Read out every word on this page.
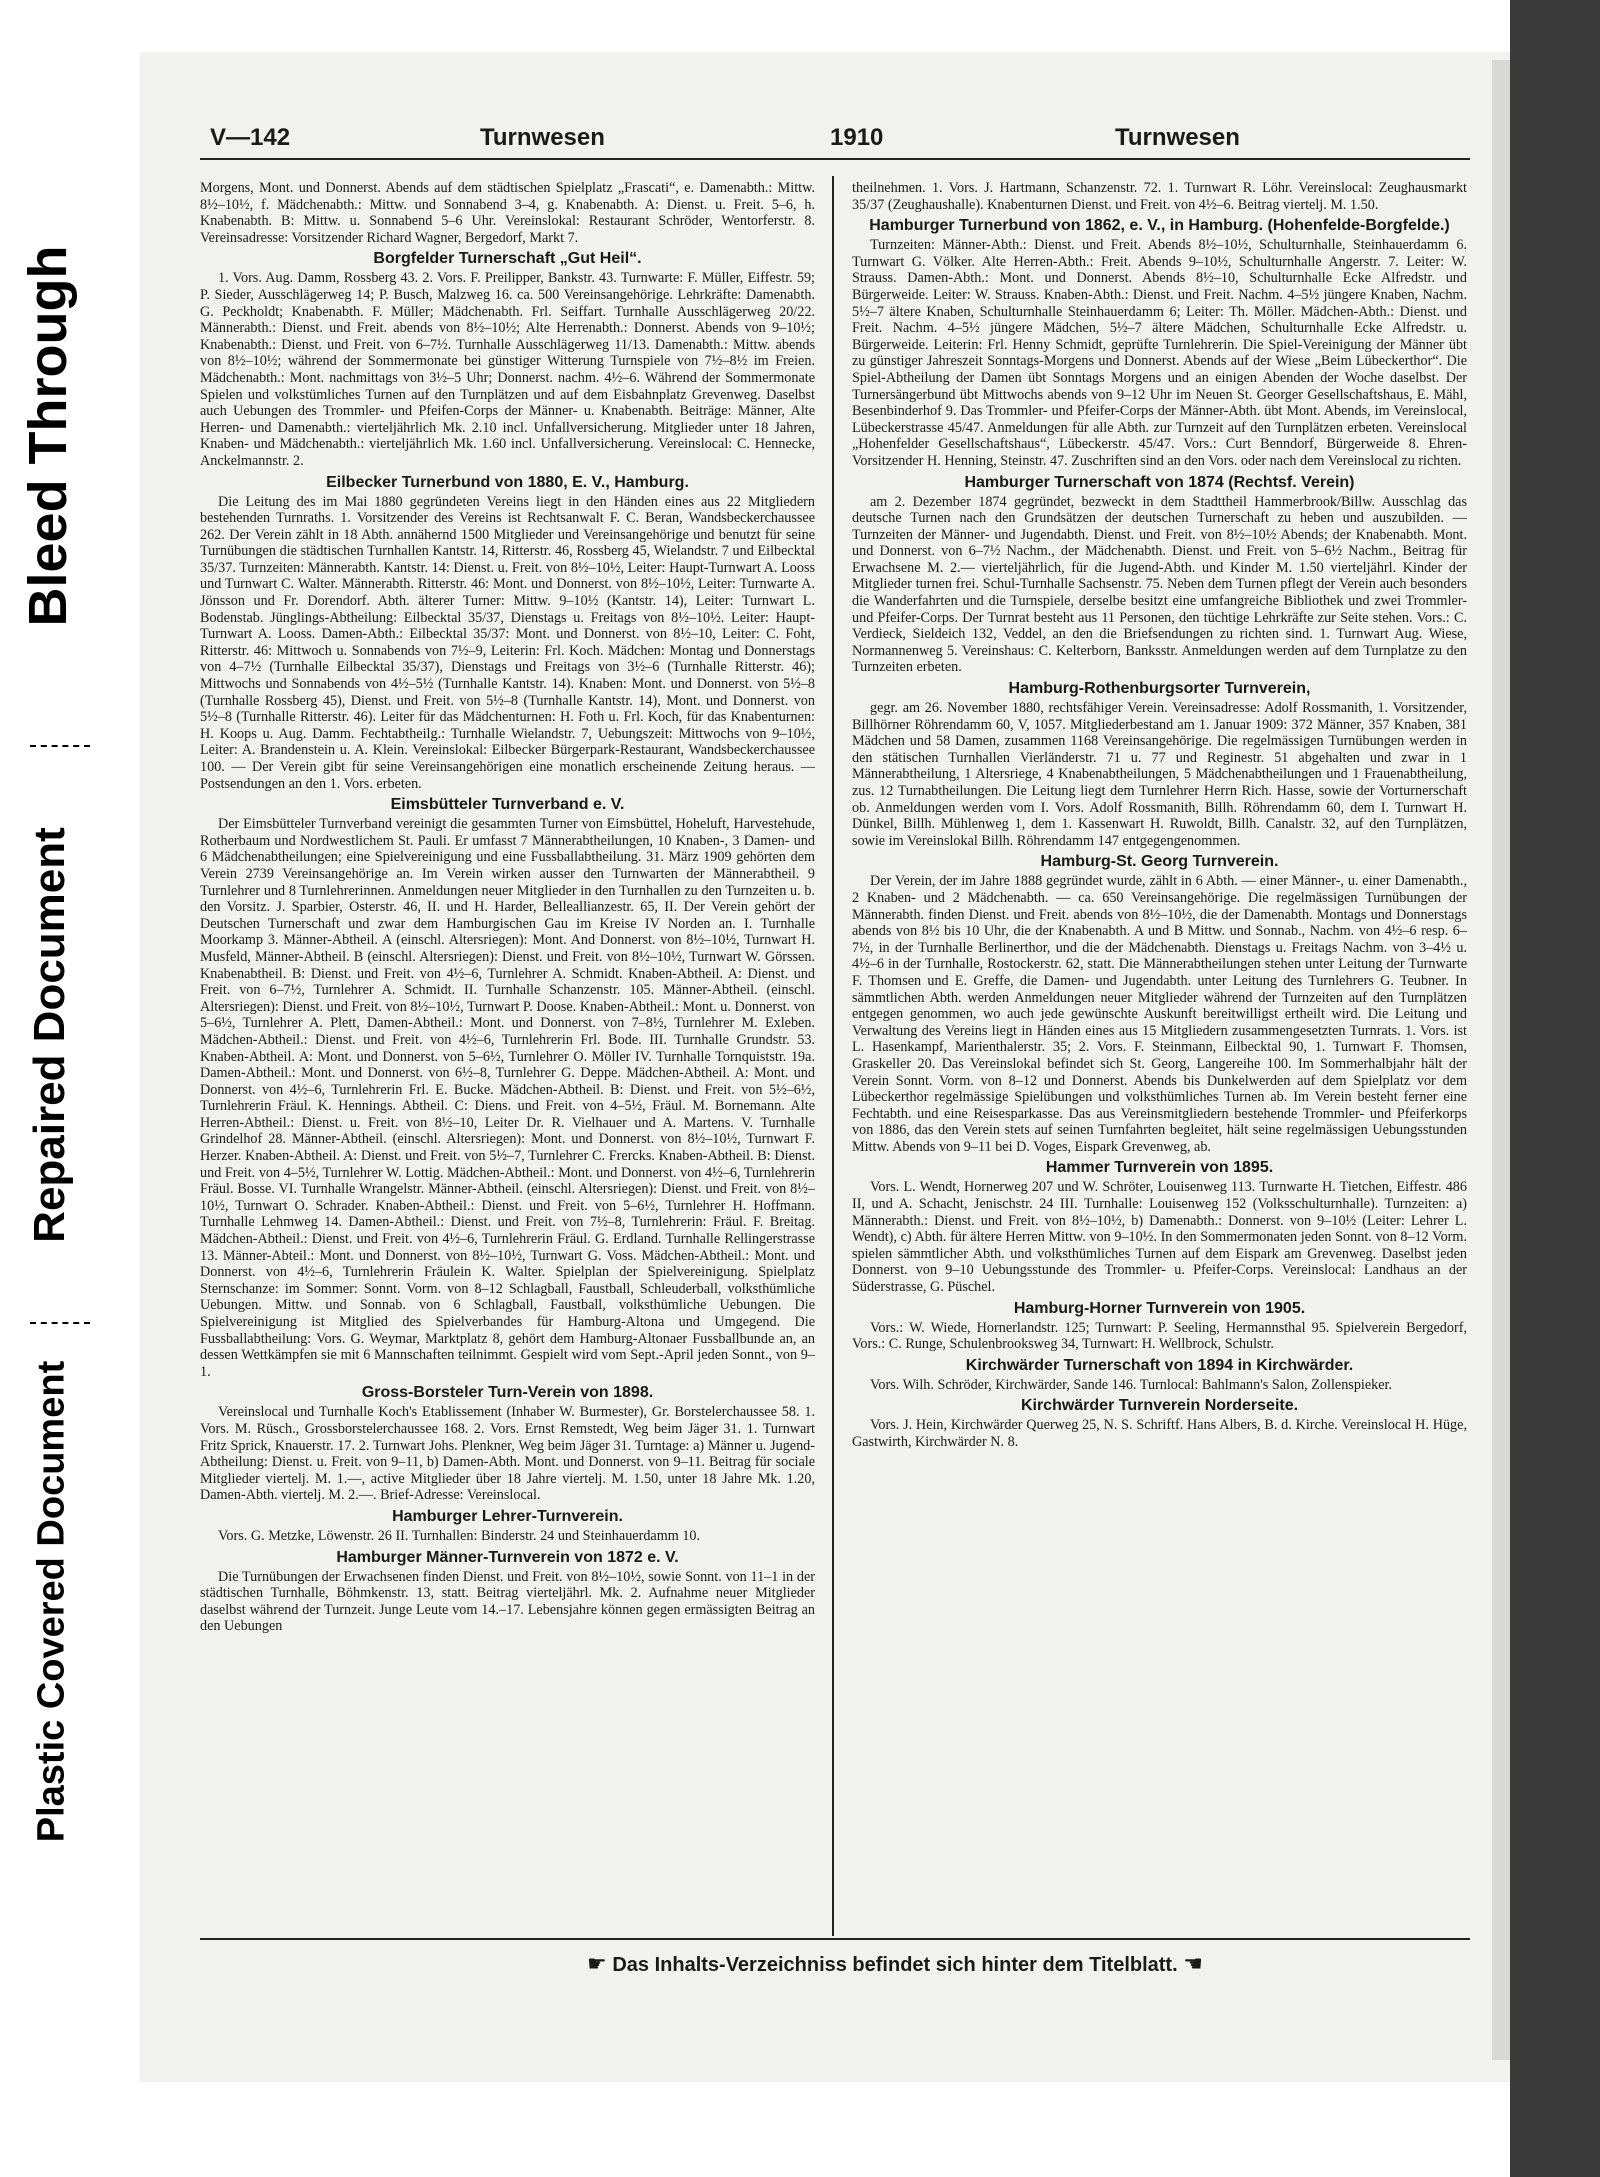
Bleed Through
Repaired Document
Plastic Covered Document
V—142	Turnwesen	1910	Turnwesen

Morgens, Mont. und Donnerst. Abends auf dem städtischen Spielplatz „Frascati“, e. Damenabth.: Mittw. 8½–10½, f. Mädchenabth.: Mittw. und Sonnabend 3–4, g. Knabenabth. A: Dienst. u. Freit. 5–6, h. Knabenabth. B: Mittw. u. Sonnabend 5–6 Uhr. Vereinslokal: Restaurant Schröder, Wentorferstr. 8. Vereinsadresse: Vorsitzender Richard Wagner, Bergedorf, Markt 7.

Borgfelder Turnerschaft „Gut Heil“.

1. Vors. Aug. Damm, Rossberg 43. 2. Vors. F. Preilipper, Bankstr. 43. Turnwarte: F. Müller, Eiffestr. 59; P. Sieder, Ausschlägerweg 14; P. Busch, Malzweg 16. ca. 500 Vereinsangehörige. Lehrkräfte: Damenabth. G. Peckholdt; Knabenabth. F. Müller; Mädchenabth. Frl. Seiffart. Turnhalle Ausschlägerweg 20/22. Männerabth.: Dienst. und Freit. abends von 8½–10½; Alte Herrenabth.: Donnerst. Abends von 9–10½; Knabenabth.: Dienst. und Freit. von 6–7½. Turnhalle Ausschlägerweg 11/13. Damenabth.: Mittw. abends von 8½–10½; während der Sommermonate bei günstiger Witterung Turnspiele von 7½–8½ im Freien. Mädchenabth.: Mont. nachmittags von 3½–5 Uhr; Donnerst. nachm. 4½–6. Während der Sommermonate Spielen und volkstümliches Turnen auf den Turnplätzen und auf dem Eisbahnplatz Grevenweg. Daselbst auch Uebungen des Trommler- und Pfeifen-Corps der Männer- u. Knabenabth. Beiträge: Männer, Alte Herren- und Damenabth.: vierteljährlich Mk. 2.10 incl. Unfallversicherung. Mitglieder unter 18 Jahren, Knaben- und Mädchenabth.: vierteljährlich Mk. 1.60 incl. Unfallversicherung. Vereinslocal: C. Hennecke, Anckelmannstr. 2.

Eilbecker Turnerbund von 1880, E. V., Hamburg.

Die Leitung des im Mai 1880 gegründeten Vereins liegt in den Händen eines aus 22 Mitgliedern bestehenden Turnraths. 1. Vorsitzender des Vereins ist Rechtsanwalt F. C. Beran, Wandsbeckerchaussee 262. Der Verein zählt in 18 Abth. annähernd 1500 Mitglieder und Vereinsangehörige und benutzt für seine Turnübungen die städtischen Turnhallen Kantstr. 14, Ritterstr. 46, Rossberg 45, Wielandstr. 7 und Eilbecktal 35/37. Turnzeiten: Männerabth. Kantstr. 14: Dienst. u. Freit. von 8½–10½, Leiter: Haupt-Turnwart A. Looss und Turnwart C. Walter. Männerabth. Ritterstr. 46: Mont. und Donnerst. von 8½–10½, Leiter: Turnwarte A. Jönsson und Fr. Dorendorf. Abth. älterer Turner: Mittw. 9–10½ (Kantstr. 14), Leiter: Turnwart L. Bodenstab. Jünglings-Abtheilung: Eilbecktal 35/37, Dienstags u. Freitags von 8½–10½. Leiter: Haupt-Turnwart A. Looss. Damen-Abth.: Eilbecktal 35/37: Mont. und Donnerst. von 8½–10, Leiter: C. Foht, Ritterstr. 46: Mittwoch u. Sonnabends von 7½–9, Leiterin: Frl. Koch. Mädchen: Montag und Donnerstags von 4–7½ (Turnhalle Eilbecktal 35/37), Dienstags und Freitags von 3½–6 (Turnhalle Ritterstr. 46); Mittwochs und Sonnabends von 4½–5½ (Turnhalle Kantstr. 14). Knaben: Mont. und Donnerst. von 5½–8 (Turnhalle Rossberg 45), Dienst. und Freit. von 5½–8 (Turnhalle Kantstr. 14), Mont. und Donnerst. von 5½–8 (Turnhalle Ritterstr. 46). Leiter für das Mädchenturnen: H. Foth u. Frl. Koch, für das Knabenturnen: H. Koops u. Aug. Damm. Fechtabtheilg.: Turnhalle Wielandstr. 7, Uebungszeit: Mittwochs von 9–10½, Leiter: A. Brandenstein u. A. Klein. Vereinslokal: Eilbecker Bürgerpark-Restaurant, Wandsbeckerchaussee 100. — Der Verein gibt für seine Vereinsangehörigen eine monatlich erscheinende Zeitung heraus. — Postsendungen an den 1. Vors. erbeten.

Eimsbütteler Turnverband e. V.

Der Eimsbütteler Turnverband vereinigt die gesammten Turner von Eimsbüttel, Hoheluft, Harvestehude, Rotherbaum und Nordwestlichem St. Pauli. Er umfasst 7 Männerabtheilungen, 10 Knaben-, 3 Damen- und 6 Mädchenabtheilungen; eine Spielvereinigung und eine Fussballabtheilung. 31. März 1909 gehörten dem Verein 2739 Vereinsangehörige an. Im Verein wirken ausser den Turnwarten der Männerabtheil. 9 Turnlehrer und 8 Turnlehrerinnen. Anmeldungen neuer Mitglieder in den Turnhallen zu den Turnzeiten u. b. den Vorsitz. J. Sparbier, Osterstr. 46, II. und H. Harder, Belleallianzestr. 65, II. Der Verein gehört der Deutschen Turnerschaft und zwar dem Hamburgischen Gau im Kreise IV Norden an. I. Turnhalle Moorkamp 3. Männer-Abtheil. A (einschl. Altersriegen): Mont. And Donnerst. von 8½–10½, Turnwart H. Musfeld, Männer-Abtheil. B (einschl. Altersriegen): Dienst. und Freit. von 8½–10½, Turnwart W. Görssen. Knabenabtheil. B: Dienst. und Freit. von 4½–6, Turnlehrer A. Schmidt. Knaben-Abtheil. A: Dienst. und Freit. von 6–7½, Turnlehrer A. Schmidt. II. Turnhalle Schanzenstr. 105. Männer-Abtheil. (einschl. Altersriegen): Dienst. und Freit. von 8½–10½, Turnwart P. Doose. Knaben-Abtheil.: Mont. u. Donnerst. von 5–6½, Turnlehrer A. Plett, Damen-Abtheil.: Mont. und Donnerst. von 7–8½, Turnlehrer M. Exleben. Mädchen-Abtheil.: Dienst. und Freit. von 4½–6, Turnlehrerin Frl. Bode. III. Turnhalle Grundstr. 53. Knaben-Abtheil. A: Mont. und Donnerst. von 5–6½, Turnlehrer O. Möller IV. Turnhalle Tornquiststr. 19a. Damen-Abtheil.: Mont. und Donnerst. von 6½–8, Turnlehrer G. Deppe. Mädchen-Abtheil. A: Mont. und Donnerst. von 4½–6, Turnlehrerin Frl. E. Bucke. Mädchen-Abtheil. B: Dienst. und Freit. von 5½–6½, Turnlehrerin Fräul. K. Hennings. Abtheil. C: Diens. und Freit. von 4–5½, Fräul. M. Bornemann. Alte Herren-Abtheil.: Dienst. u. Freit. von 8½–10, Leiter Dr. R. Vielhauer und A. Martens. V. Turnhalle Grindelhof 28. Männer-Abtheil. (einschl. Altersriegen): Mont. und Donnerst. von 8½–10½, Turnwart F. Herzer. Knaben-Abtheil. A: Dienst. und Freit. von 5½–7, Turnlehrer C. Frercks. Knaben-Abtheil. B: Dienst. und Freit. von 4–5½, Turnlehrer W. Lottig. Mädchen-Abtheil.: Mont. und Donnerst. von 4½–6, Turnlehrerin Fräul. Bosse. VI. Turnhalle Wrangelstr. Männer-Abtheil. (einschl. Altersriegen): Dienst. und Freit. von 8½–10½, Turnwart O. Schrader. Knaben-Abtheil.: Dienst. und Freit. von 5–6½, Turnlehrer H. Hoffmann. Turnhalle Lehmweg 14. Damen-Abtheil.: Dienst. und Freit. von 7½–8, Turnlehrerin: Fräul. F. Breitag. Mädchen-Abtheil.: Dienst. und Freit. von 4½–6, Turnlehrerin Fräul. G. Erdland. Turnhalle Rellingerstrasse 13. Männer-Abteil.: Mont. und Donnerst. von 8½–10½, Turnwart G. Voss. Mädchen-Abtheil.: Mont. und Donnerst. von 4½–6, Turnlehrerin Fräulein K. Walter. Spielplan der Spielvereinigung. Spielplatz Sternschanze: im Sommer: Sonnt. Vorm. von 8–12 Schlagball, Faustball, Schleuderball, volksthümliche Uebungen. Mittw. und Sonnab. von 6 Schlagball, Faustball, volksthümliche Uebungen. Die Spielvereinigung ist Mitglied des Spielverbandes für Hamburg-Altona und Umgegend. Die Fussballabtheilung: Vors. G. Weymar, Marktplatz 8, gehört dem Hamburg-Altonaer Fussballbunde an, an dessen Wettkämpfen sie mit 6 Mannschaften teilnimmt. Gespielt wird vom Sept.-April jeden Sonnt., von 9–1.

Gross-Borsteler Turn-Verein von 1898.

Vereinslocal und Turnhalle Koch's Etablissement (Inhaber W. Burmester), Gr. Borstelerchaussee 58. 1. Vors. M. Rüsch., Grossborstelerchaussee 168. 2. Vors. Ernst Remstedt, Weg beim Jäger 31. 1. Turnwart Fritz Sprick, Knauerstr. 17. 2. Turnwart Johs. Plenkner, Weg beim Jäger 31. Turntage: a) Männer u. Jugend-Abtheilung: Dienst. u. Freit. von 9–11, b) Damen-Abth. Mont. und Donnerst. von 9–11. Beitrag für sociale Mitglieder viertelj. M. 1.—, active Mitglieder über 18 Jahre viertelj. M. 1.50, unter 18 Jahre Mk. 1.20, Damen-Abth. viertelj. M. 2.—. Brief-Adresse: Vereinslocal.

Hamburger Lehrer-Turnverein.

Vors. G. Metzke, Löwenstr. 26 II. Turnhallen: Binderstr. 24 und Steinhauerdamm 10.

Hamburger Männer-Turnverein von 1872 e. V.

Die Turnübungen der Erwachsenen finden Dienst. und Freit. von 8½–10½, sowie Sonnt. von 11–1 in der städtischen Turnhalle, Böhmkenstr. 13, statt. Beitrag vierteljährl. Mk. 2. Aufnahme neuer Mitglieder daselbst während der Turnzeit. Junge Leute vom 14.–17. Lebensjahre können gegen ermässigten Beitrag an den Uebungen

theilnehmen. 1. Vors. J. Hartmann, Schanzenstr. 72. 1. Turnwart R. Löhr. Vereinslocal: Zeughausmarkt 35/37 (Zeughaushalle). Knabenturnen Dienst. und Freit. von 4½–6. Beitrag viertelj. M. 1.50.

Hamburger Turnerbund von 1862, e. V., in Hamburg. (Hohenfelde-Borgfelde.)

Turnzeiten: Männer-Abth.: Dienst. und Freit. Abends 8½–10½, Schulturnhalle, Steinhauerdamm 6. Turnwart G. Völker. Alte Herren-Abth.: Freit. Abends 9–10½, Schulturnhalle Angerstr. 7. Leiter: W. Strauss. Damen-Abth.: Mont. und Donnerst. Abends 8½–10, Schulturnhalle Ecke Alfredstr. und Bürgerweide. Leiter: W. Strauss. Knaben-Abth.: Dienst. und Freit. Nachm. 4–5½ jüngere Knaben, Nachm. 5½–7 ältere Knaben, Schulturnhalle Steinhauerdamm 6; Leiter: Th. Möller. Mädchen-Abth.: Dienst. und Freit. Nachm. 4–5½ jüngere Mädchen, 5½–7 ältere Mädchen, Schulturnhalle Ecke Alfredstr. u. Bürgerweide. Leiterin: Frl. Henny Schmidt, geprüfte Turnlehrerin. Die Spiel-Vereinigung der Männer übt zu günstiger Jahreszeit Sonntags-Morgens und Donnerst. Abends auf der Wiese „Beim Lübeckerthor“. Die Spiel-Abtheilung der Damen übt Sonntags Morgens und an einigen Abenden der Woche daselbst. Der Turnersängerbund übt Mittwochs abends von 9–12 Uhr im Neuen St. Georger Gesellschaftshaus, E. Mähl, Besenbinderhof 9. Das Trommler- und Pfeifer-Corps der Männer-Abth. übt Mont. Abends, im Vereinslocal, Lübeckerstrasse 45/47. Anmeldungen für alle Abth. zur Turnzeit auf den Turnplätzen erbeten. Vereinslocal „Hohenfelder Gesellschaftshaus“, Lübeckerstr. 45/47. Vors.: Curt Benndorf, Bürgerweide 8. Ehren-Vorsitzender H. Henning, Steinstr. 47. Zuschriften sind an den Vors. oder nach dem Vereinslocal zu richten.

Hamburger Turnerschaft von 1874 (Rechtsf. Verein)

am 2. Dezember 1874 gegründet, bezweckt in dem Stadttheil Hammerbrook/Billw. Ausschlag das deutsche Turnen nach den Grundsätzen der deutschen Turnerschaft zu heben und auszubilden. — Turnzeiten der Männer- und Jugendabth. Dienst. und Freit. von 8½–10½ Abends; der Knabenabth. Mont. und Donnerst. von 6–7½ Nachm., der Mädchenabth. Dienst. und Freit. von 5–6½ Nachm., Beitrag für Erwachsene M. 2.— vierteljährlich, für die Jugend-Abth. und Kinder M. 1.50 vierteljährl. Kinder der Mitglieder turnen frei. Schul-Turnhalle Sachsenstr. 75. Neben dem Turnen pflegt der Verein auch besonders die Wanderfahrten und die Turnspiele, derselbe besitzt eine umfangreiche Bibliothek und zwei Trommler- und Pfeifer-Corps. Der Turnrat besteht aus 11 Personen, den tüchtige Lehrkräfte zur Seite stehen. Vors.: C. Verdieck, Sieldeich 132, Veddel, an den die Briefsendungen zu richten sind. 1. Turnwart Aug. Wiese, Normannenweg 5. Vereinshaus: C. Kelterborn, Banksstr. Anmeldungen werden auf dem Turnplatze zu den Turnzeiten erbeten.

Hamburg-Rothenburgsorter Turnverein,

gegr. am 26. November 1880, rechtsfähiger Verein. Vereinsadresse: Adolf Rossmanith, 1. Vorsitzender, Billhörner Röhrendamm 60, V, 1057. Mitgliederbestand am 1. Januar 1909: 372 Männer, 357 Knaben, 381 Mädchen und 58 Damen, zusammen 1168 Vereinsangehörige. Die regelmässigen Turnübungen werden in den stätischen Turnhallen Vierländerstr. 71 u. 77 und Reginestr. 51 abgehalten und zwar in 1 Männerabtheilung, 1 Altersriege, 4 Knabenabtheilungen, 5 Mädchenabtheilungen und 1 Frauenabtheilung, zus. 12 Turnabtheilungen. Die Leitung liegt dem Turnlehrer Herrn Rich. Hasse, sowie der Vorturnerschaft ob. Anmeldungen werden vom I. Vors. Adolf Rossmanith, Billh. Röhrendamm 60, dem I. Turnwart H. Dünkel, Billh. Mühlenweg 1, dem 1. Kassenwart H. Ruwoldt, Billh. Canalstr. 32, auf den Turnplätzen, sowie im Vereinslokal Billh. Röhrendamm 147 entgegengenommen.

Hamburg-St. Georg Turnverein.

Der Verein, der im Jahre 1888 gegründet wurde, zählt in 6 Abth. — einer Männer-, u. einer Damenabth., 2 Knaben- und 2 Mädchenabth. — ca. 650 Vereinsangehörige. Die regelmässigen Turnübungen der Männerabth. finden Dienst. und Freit. abends von 8½–10½, die der Damenabth. Montags und Donnerstags abends von 8½ bis 10 Uhr, die der Knabenabth. A und B Mittw. und Sonnab., Nachm. von 4½–6 resp. 6–7½, in der Turnhalle Berlinerthor, und die der Mädchenabth. Dienstags u. Freitags Nachm. von 3–4½ u. 4½–6 in der Turnhalle, Rostockerstr. 62, statt. Die Männerabtheilungen stehen unter Leitung der Turnwarte F. Thomsen und E. Greffe, die Damen- und Jugendabth. unter Leitung des Turnlehrers G. Teubner. In sämmtlichen Abth. werden Anmeldungen neuer Mitglieder während der Turnzeiten auf den Turnplätzen entgegen genommen, wo auch jede gewünschte Auskunft bereitwilligst ertheilt wird. Die Leitung und Verwaltung des Vereins liegt in Händen eines aus 15 Mitgliedern zusammengesetzten Turnrats. 1. Vors. ist L. Hasenkampf, Marienthalerstr. 35; 2. Vors. F. Steinmann, Eilbecktal 90, 1. Turnwart F. Thomsen, Graskeller 20. Das Vereinslokal befindet sich St. Georg, Langereihe 100. Im Sommerhalbjahr hält der Verein Sonnt. Vorm. von 8–12 und Donnerst. Abends bis Dunkelwerden auf dem Spielplatz vor dem Lübeckerthor regelmässige Spielübungen und volksthümliches Turnen ab. Im Verein besteht ferner eine Fechtabth. und eine Reisesparkasse. Das aus Vereinsmitgliedern bestehende Trommler- und Pfeiferkorps von 1886, das den Verein stets auf seinen Turnfahrten begleitet, hält seine regelmässigen Uebungsstunden Mittw. Abends von 9–11 bei D. Voges, Eispark Grevenweg, ab.

Hammer Turnverein von 1895.

Vors. L. Wendt, Hornerweg 207 und W. Schröter, Louisenweg 113. Turnwarte H. Tietchen, Eiffestr. 486 II, und A. Schacht, Jenischstr. 24 III. Turnhalle: Louisenweg 152 (Volksschulturnhalle). Turnzeiten: a) Männerabth.: Dienst. und Freit. von 8½–10½, b) Damenabth.: Donnerst. von 9–10½ (Leiter: Lehrer L. Wendt), c) Abth. für ältere Herren Mittw. von 9–10½. In den Sommermonaten jeden Sonnt. von 8–12 Vorm. spielen sämmtlicher Abth. und volksthümliches Turnen auf dem Eispark am Grevenweg. Daselbst jeden Donnerst. von 9–10 Uebungsstunde des Trommler- u. Pfeifer-Corps. Vereinslocal: Landhaus an der Süderstrasse, G. Püschel.

Hamburg-Horner Turnverein von 1905.

Vors.: W. Wiede, Hornerlandstr. 125; Turnwart: P. Seeling, Hermannsthal 95. Spielverein Bergedorf, Vors.: C. Runge, Schulenbrooksweg 34, Turnwart: H. Wellbrock, Schulstr.

Kirchwärder Turnerschaft von 1894 in Kirchwärder.

Vors. Wilh. Schröder, Kirchwärder, Sande 146. Turnlocal: Bahlmann's Salon, Zollenspieker.

Kirchwärder Turnverein Norderseite.

Vors. J. Hein, Kirchwärder Querweg 25, N. S. Schriftf. Hans Albers, B. d. Kirche. Vereinslocal H. Hüge, Gastwirth, Kirchwärder N. 8.

☛ Das Inhalts-Verzeichniss befindet sich hinter dem Titelblatt. ☚
